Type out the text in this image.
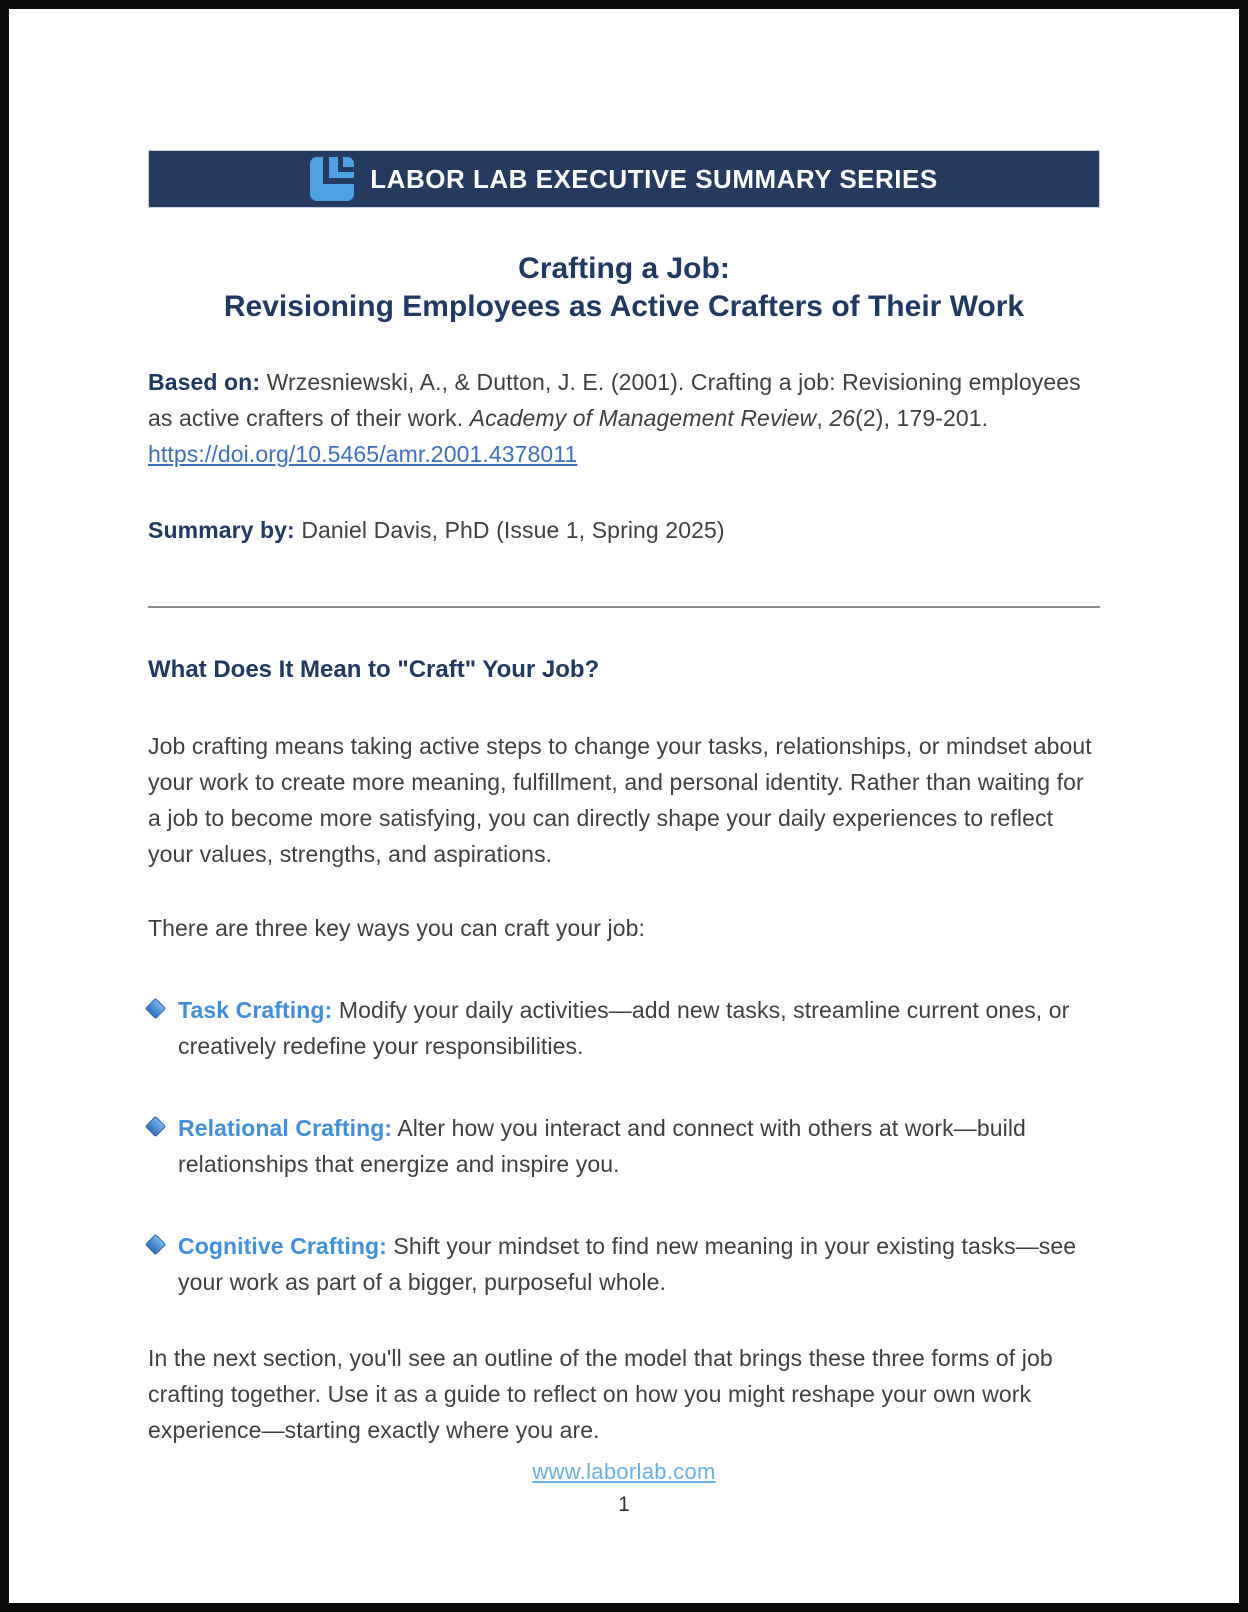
LABOR LAB EXECUTIVE SUMMARY SERIES
Crafting a Job:
Revisioning Employees as Active Crafters of Their Work

Based on: Wrzesniewski, A., & Dutton, J. E. (2001). Crafting a job: Revisioning employees as active crafters of their work. Academy of Management Review, 26(2), 179-201. https://doi.org/10.5465/amr.2001.4378011

Summary by: Daniel Davis, PhD (Issue 1, Spring 2025)

What Does It Mean to "Craft" Your Job?

Job crafting means taking active steps to change your tasks, relationships, or mindset about your work to create more meaning, fulfillment, and personal identity. Rather than waiting for a job to become more satisfying, you can directly shape your daily experiences to reflect your values, strengths, and aspirations.

There are three key ways you can craft your job:

Task Crafting: Modify your daily activities—add new tasks, streamline current ones, or creatively redefine your responsibilities.

Relational Crafting: Alter how you interact and connect with others at work—build relationships that energize and inspire you.

Cognitive Crafting: Shift your mindset to find new meaning in your existing tasks—see your work as part of a bigger, purposeful whole.

In the next section, you'll see an outline of the model that brings these three forms of job crafting together. Use it as a guide to reflect on how you might reshape your own work experience—starting exactly where you are.

www.laborlab.com
1
